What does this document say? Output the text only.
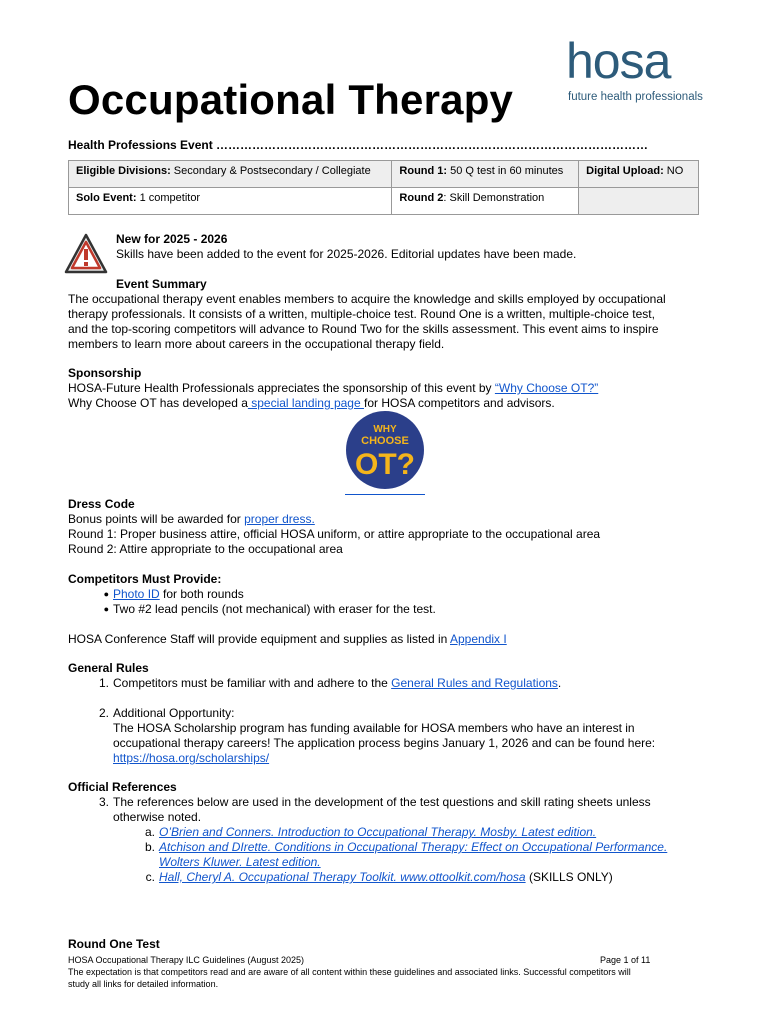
Occupational Therapy
hosa
future health professionals
Health Professions Event ………………………………………………………………………………………………
Eligible Divisions: Secondary & Postsecondary / Collegiate	Round 1: 50 Q test in 60 minutes	Digital Upload: NO
Solo Event: 1 competitor	Round 2: Skill Demonstration	
New for 2025 - 2026
Skills have been added to the event for 2025-2026. Editorial updates have been made.
Event Summary
The occupational therapy event enables members to acquire the knowledge and skills employed by occupational
therapy professionals. It consists of a written, multiple-choice test. Round One is a written, multiple-choice test,
and the top-scoring competitors will advance to Round Two for the skills assessment. This event aims to inspire
members to learn more about careers in the occupational therapy field.
Sponsorship
HOSA-Future Health Professionals appreciates the sponsorship of this event by “Why Choose OT?”
Why Choose OT has developed a special landing page for HOSA competitors and advisors.
WHY
CHOOSE
OT?
Dress Code
Bonus points will be awarded for proper dress.
Round 1: Proper business attire, official HOSA uniform, or attire appropriate to the occupational area
Round 2: Attire appropriate to the occupational area
Competitors Must Provide:
● Photo ID for both rounds
● Two #2 lead pencils (not mechanical) with eraser for the test.
HOSA Conference Staff will provide equipment and supplies as listed in Appendix I
General Rules
1. Competitors must be familiar with and adhere to the General Rules and Regulations.
2. Additional Opportunity:
The HOSA Scholarship program has funding available for HOSA members who have an interest in
occupational therapy careers! The application process begins January 1, 2026 and can be found here:
https://hosa.org/scholarships/
Official References
3. The references below are used in the development of the test questions and skill rating sheets unless
otherwise noted.
a. O’Brien and Conners. Introduction to Occupational Therapy. Mosby. Latest edition.
b. Atchison and DIrette. Conditions in Occupational Therapy: Effect on Occupational Performance.
Wolters Kluwer. Latest edition.
c. Hall, Cheryl A. Occupational Therapy Toolkit. www.ottoolkit.com/hosa (SKILLS ONLY)
Round One Test
HOSA Occupational Therapy ILC Guidelines (August 2025)	Page 1 of 11
The expectation is that competitors read and are aware of all content within these guidelines and associated links. Successful competitors will
study all links for detailed information.
